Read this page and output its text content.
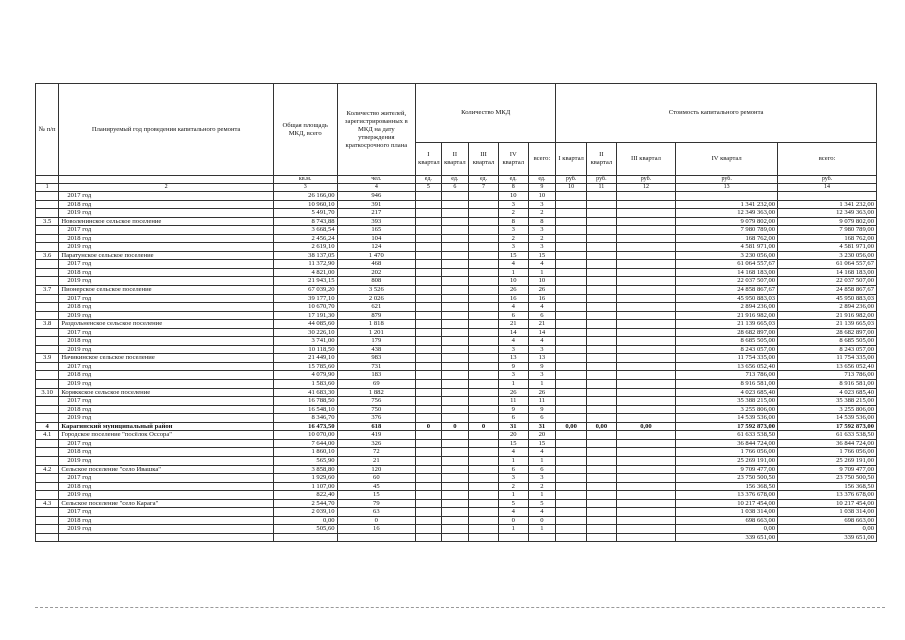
№ п/п	Планируемый год проведения капитального ремонта	Общая площадь МКД, всего	Количество жителей, зарегистрированных в МКД на дату утверждения краткосрочного плана	Количество МКД					Стоимость капитального ремонта				
				I квартал	II квартал	III квартал	IV квартал	всего:	I квартал	II квартал	III квартал	IV квартал	всего:
		кв.м.	чел.	ед.	ед.	ед.	ед.	ед.	руб.	руб.	руб.	руб.	руб.
1	2	3	4	5	6	7	8	9	10	11	12	13	14
	2017 год	26 166,00	946				10	10					
	2018 год	10 960,10	391				3	3				1 341 232,00	1 341 232,00
	2019 год	5 491,70	217				2	2				12 349 363,00	12 349 363,00
3.5	Новоленинское сельское поселение	8 743,88	393				8	8				9 079 802,00	9 079 802,00
	2017 год	3 668,54	165				3	3				7 980 789,00	7 980 789,00
	2018 год	2 456,24	104				2	2				168 762,00	168 762,00
	2019 год	2 619,10	124				3	3				4 581 971,00	4 581 971,00
3.6	Паратунское сельское поселение	38 137,05	1 470				15	15				3 230 056,00	3 230 056,00
	2017 год	11 372,90	468				4	4				61 064 557,67	61 064 557,67
	2018 год	4 821,00	202				1	1				14 168 183,00	14 168 183,00
	2019 год	21 943,15	808				10	10				22 037 507,00	22 037 507,00
3.7	Пионерское сельское поселение	67 039,20	3 526				26	26				24 858 867,67	24 858 867,67
	2017 год	39 177,10	2 026				16	16				45 950 883,03	45 950 883,03
	2018 год	10 670,70	621				4	4				2 894 236,00	2 894 236,00
	2019 год	17 191,30	879				6	6				21 916 982,00	21 916 982,00
3.8	Раздольненское сельское поселение	44 085,60	1 818				21	21				21 139 665,03	21 139 665,03
	2017 год	30 226,10	1 201				14	14				28 682 897,00	28 682 897,00
	2018 год	3 741,00	179				4	4				8 685 505,00	8 685 505,00
	2019 год	10 118,50	438				3	3				8 243 057,00	8 243 057,00
3.9	Начикинское сельское поселение	21 449,10	983				13	13				11 754 335,00	11 754 335,00
	2017 год	15 785,60	731				9	9				13 656 052,40	13 656 052,40
	2018 год	4 079,90	183				3	3				713 786,00	713 786,00
	2019 год	1 583,60	69				1	1				8 916 581,00	8 916 581,00
3.10	Коряккское сельское поселение	41 683,30	1 882				26	26				4 023 685,40	4 023 685,40
	2017 год	16 788,50	756				11	11				35 388 215,00	35 388 215,00
	2018 год	16 548,10	750				9	9				3 255 806,00	3 255 806,00
	2019 год	8 346,70	376				6	6				14 539 536,00	14 539 536,00
4	Карагинский муниципальный район	16 473,50	618	0	0	0	31	31	0,00	0,00	0,00	17 592 873,00	17 592 873,00
4.1	Городское поселение "посёлок Оссора"	10 070,00	419				20	20				61 633 538,50	61 633 538,50
	2017 год	7 644,00	326				15	15				36 844 724,00	36 844 724,00
	2018 год	1 860,10	72				4	4				1 766 056,00	1 766 056,00
	2019 год	565,90	21				1	1				25 269 191,00	25 269 191,00
4.2	Сельское поселение "село Ивашка"	3 858,80	120				6	6				9 709 477,00	9 709 477,00
	2017 год	1 929,60	60				3	3				23 750 500,50	23 750 500,50
	2018 год	1 107,00	45				2	2				156 368,50	156 368,50
	2019 год	822,40	15				1	1				13 376 678,00	13 376 678,00
4.3	Сельское поселение "село Карага"	2 544,70	79				5	5				10 217 454,00	10 217 454,00
	2017 год	2 039,10	63				4	4				1 038 314,00	1 038 314,00
	2018 год	0,00	0				0	0				698 663,00	698 663,00
	2019 год	505,60	16				1	1				0,00	0,00
												339 651,00	339 651,00
